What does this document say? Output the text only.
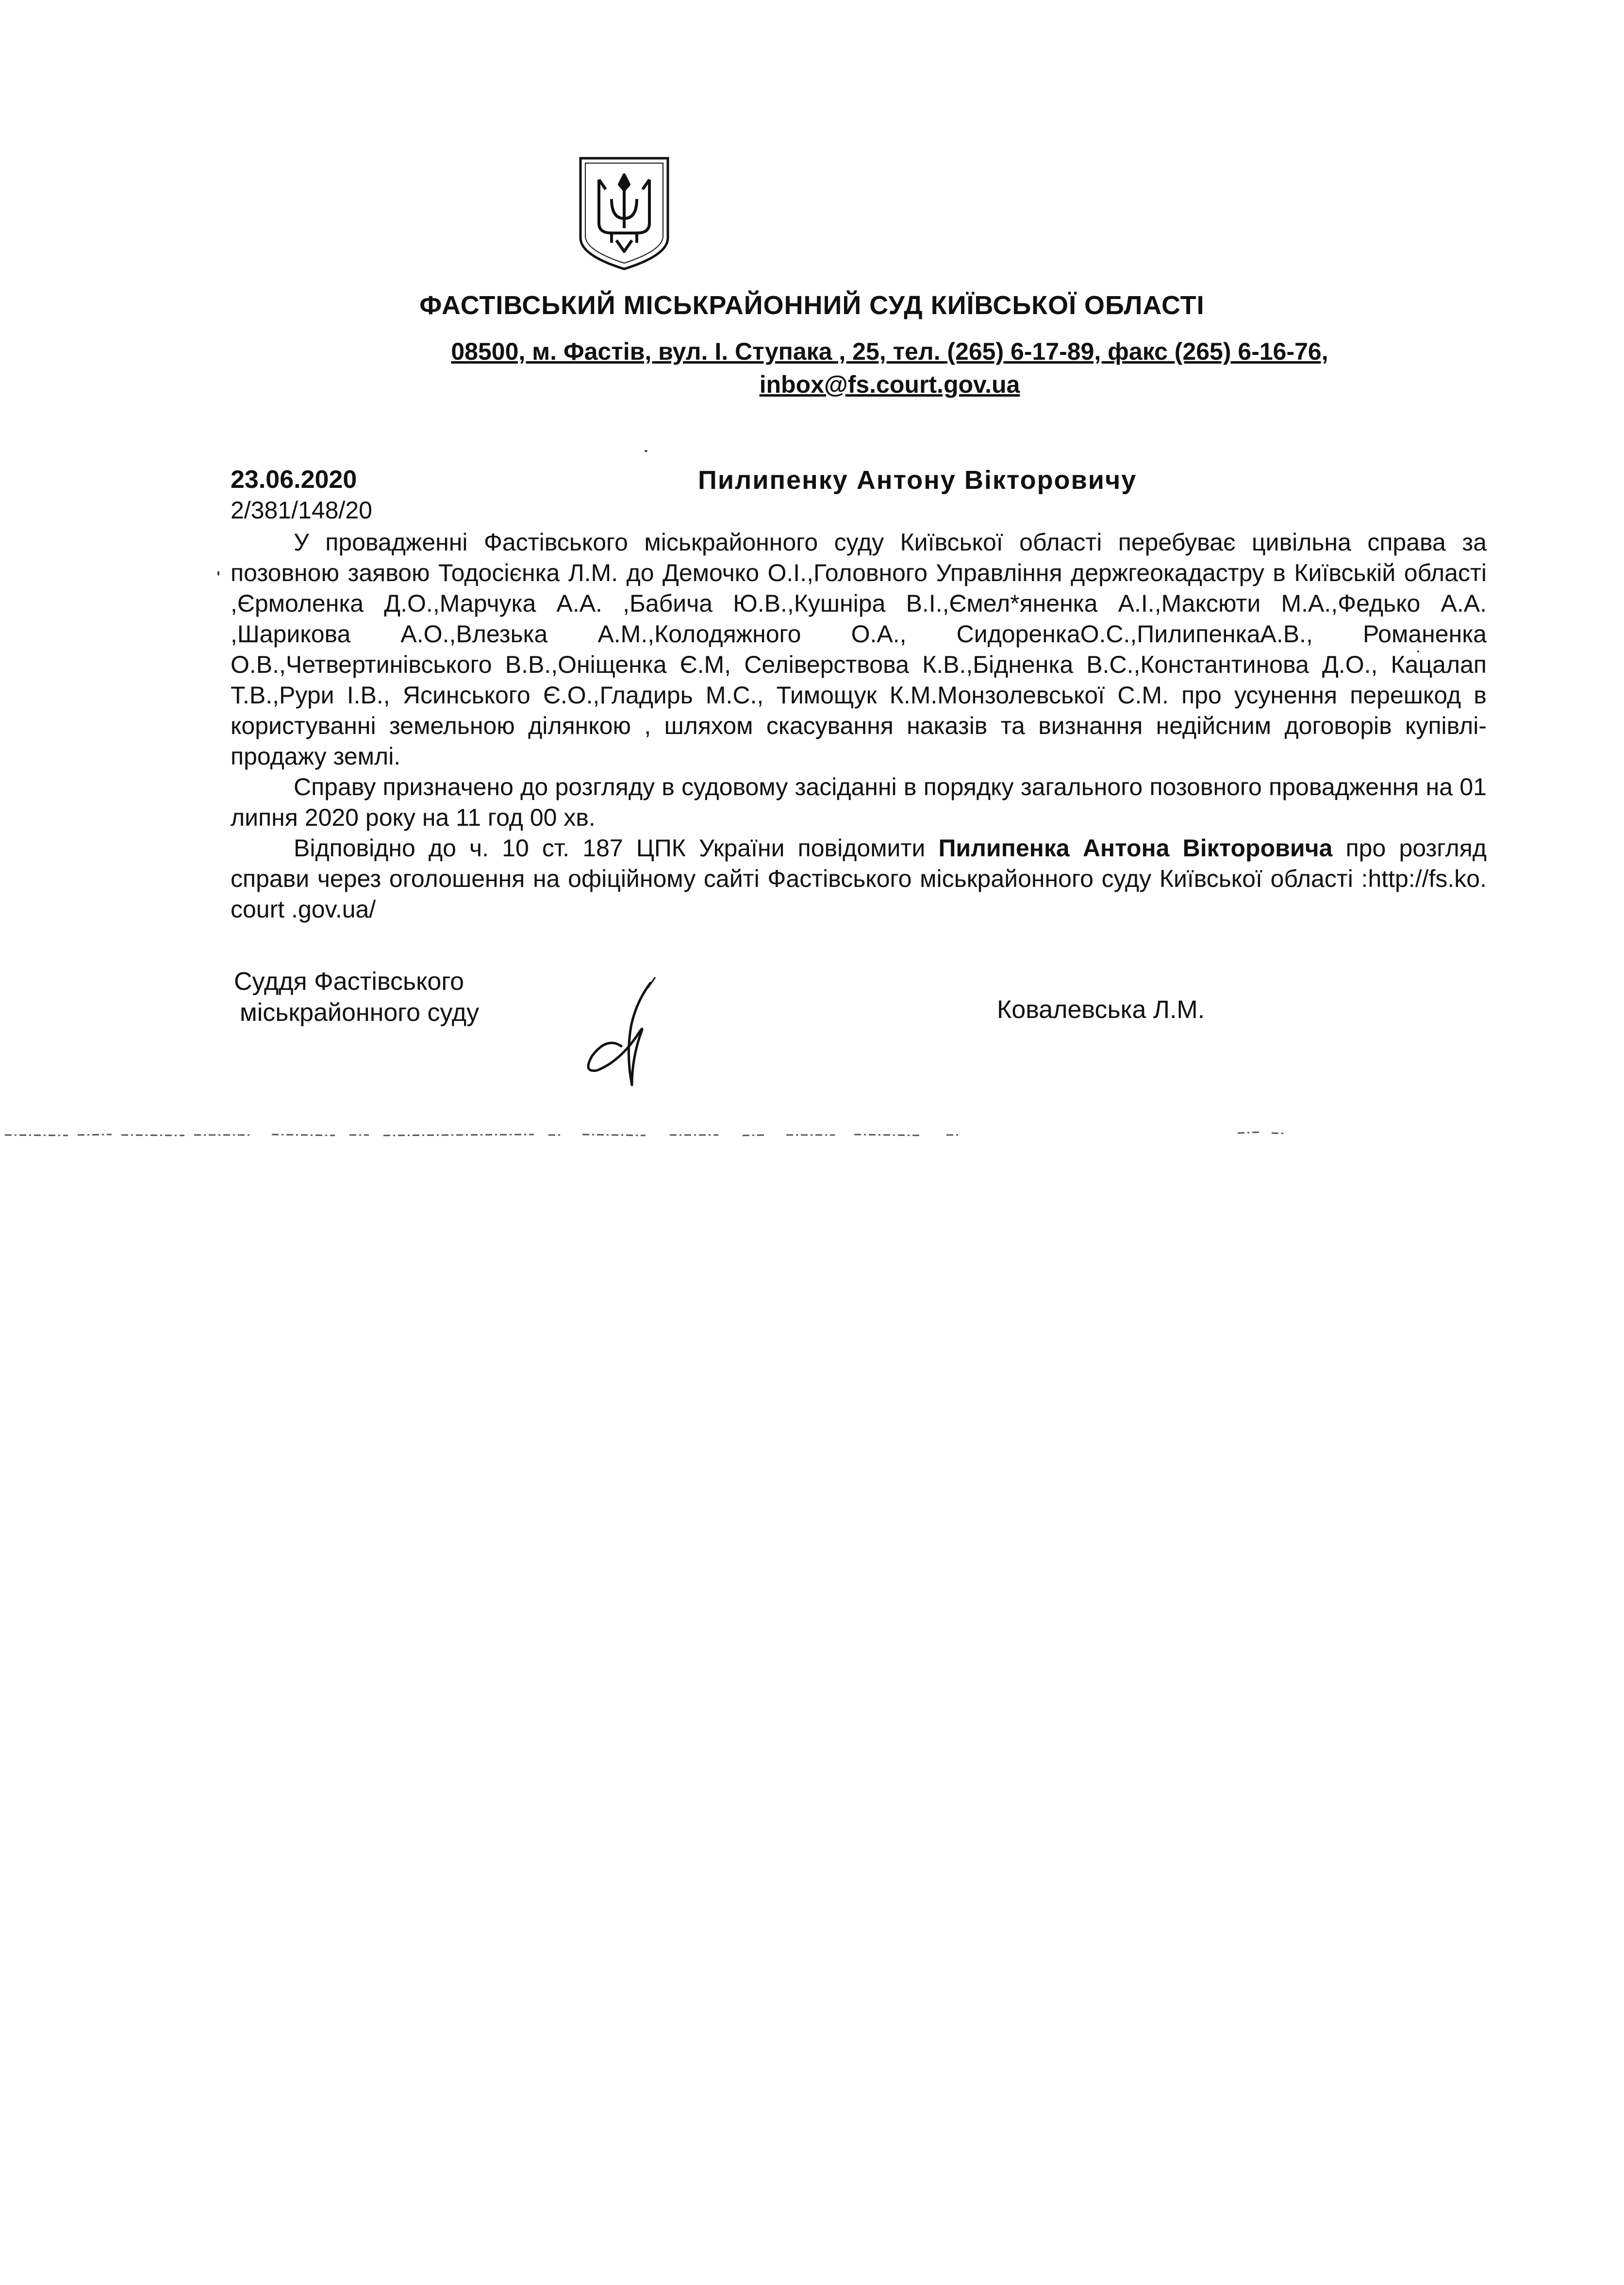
ФАСТІВСЬКИЙ МІСЬКРАЙОННИЙ СУД КИЇВСЬКОЇ ОБЛАСТІ
08500, м. Фастів, вул. І. Ступака , 25, тел. (265) 6-17-89, факс (265) 6-16-76,
inbox@fs.court.gov.ua
23.06.2020
2/381/148/20
Пилипенку Антону Вікторовичу

У провадженні Фастівського міськрайонного суду Київської області перебуває цивільна справа за позовною заявою Тодосієнка Л.М. до Демочко О.І.,Головного Управління держгеокадастру в Київській області ,Єрмоленка Д.О.,Марчука А.А. ,Бабича Ю.В.,Кушніра В.І.,Ємел*яненка А.І.,Максюти М.А.,Федько А.А. ,Шарикова А.О.,Влезька А.М.,Колодяжного О.А., СидоренкаО.С.,ПилипенкаА.В., Романенка О.В.,Четвертинівського В.В.,Оніщенка Є.М, Селіверствова К.В.,Бідненка В.С.,Константинова Д.О., Кацалап Т.В.,Рури І.В., Ясинського Є.О.,Гладирь М.С., Тимощук К.М.Монзолевської С.М. про усунення перешкод в користуванні земельною ділянкою , шляхом скасування наказів та визнання недійсним договорів купівлі- продажу землі.

Справу призначено до розгляду в судовому засіданні в порядку загального позовного провадження на 01 липня 2020 року на 11 год 00 хв.

Відповідно до ч. 10 ст. 187 ЦПК України повідомити Пилипенка Антона Вікторовича про розгляд справи через оголошення на офіційному сайті Фастівського міськрайонного суду Київської області :http://fs.ko. court .gov.ua/

Суддя Фастівського
міськрайонного суду	Ковалевська Л.М.
